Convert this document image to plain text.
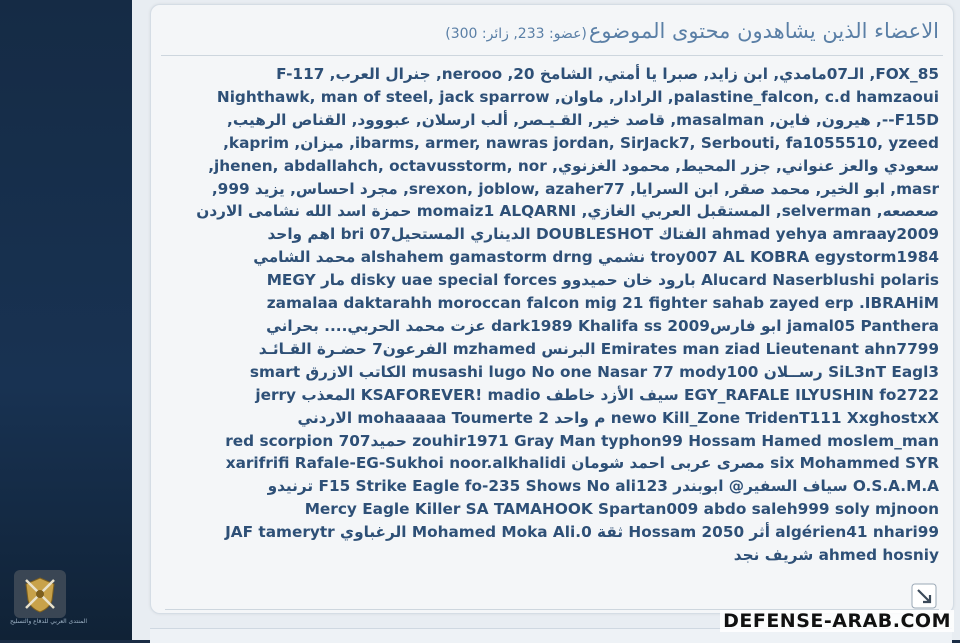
المنتدى العربي للدفاع والتسليح
الاعضاء الذين يشاهدون محتوى الموضوع(عضو: 233, زائر: 300)
FOX_85, الـ07مامدي, ابن زايد, صبرا يا أمتي, الشامخ 20, nerooo, جنرال العرب, F-117
palastine_falcon, c.d hamzaoui, الرادار, ماوان, Nighthawk, man of steel, jack sparrow
F15D--, هيرون, فاين, masalman, قاصد خير, القـيـصر, ألب ارسلان, عبووود, القناص الرهيب,
ibarms, armer, nawras jordan, SirJack7, Serbouti, fa1055510, yzeed, ميزان, kaprim,
سعودي والعز عنواني, جزر المحيط, محمود الغزنوي, jhenen, abdallahch, octavusstorm, nor,
masr, ابو الخير, محمد صقر, ابن السرايا, srexon, joblow, azaher77, مجرد احساس, يزيد 999,
صعصعه, selverman, المستقبل العربي الغازي, momaiz1 ALQARNI حمزة اسد الله نشامى الاردن
ahmad yehya amraay2009 الفتاك DOUBLESHOT الديناري المستحيل07 bri اهم واحد
troy007 AL KOBRA egystorm1984 نشمي alshahem gamastorm drng محمد الشامي
Alucard Naserblushi polaris بارود خان حميدوو disky uae special forces مار MEGY
zamalaa daktarahh moroccan falcon mig 21 fighter sahab zayed erp .IBRAHiM
jamal05 Panthera ابو فارس2009 dark1989 Khalifa ss عزت محمد الحربي.... بحراني
Emirates man ziad Lieutenant ahn7799 البرنس mzhamed الفرعون7 حضـرة القـائـد
SiL3nT Eagl3 رســلان musashi lugo No one Nasar 77 mody100 الكاتب الازرق smart
EGY_RAFALE ILYUSHIN fo2722 سيف الأزد خاطف KSAFOREVER! madio المعذب jerry
newo Kill_Zone TridenT111 XxghostxX م واحد mohaaaaa Toumerte 2 الاردني
zouhir1971 Gray Man typhon99 Hossam Hamed moslem_man حميد707 red scorpion
six Mohammed SYR مصرى عربى احمد شومان xarifrifi Rafale-EG-Sukhoi noor.alkhalidi
O.S.A.M.A سياف السفير@ ابوبندر F15 Strike Eagle fo-235 Shows No ali123 ترنيدو
Mercy Eagle Killer SA TAMAHOOK Spartan009 abdo saleh999 soly mjnoon
algérien41 nhari99 أثر 2050 Hossam ثقة Mohamed Moka Ali.0 الرغباوي JAF tamerytr
ahmed hosniy شريف نجد
DEFENSE-ARAB.COM
